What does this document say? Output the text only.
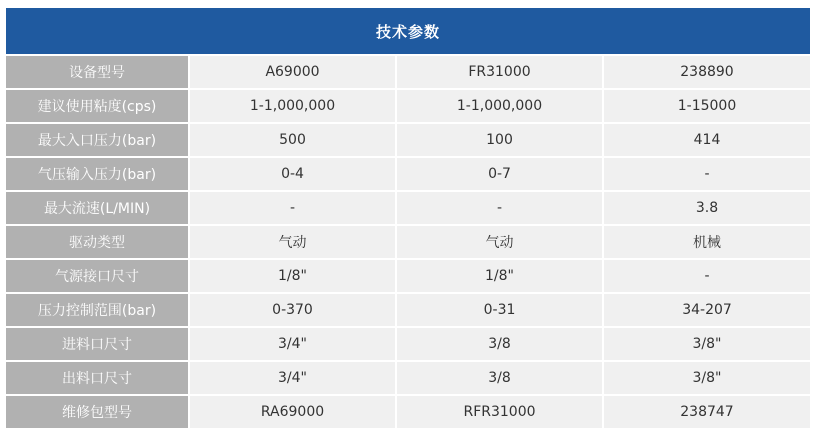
技术参数
设备型号	A69000	FR31000	238890
建议使用粘度(cps)	1-1,000,000	1-1,000,000	1-15000
最大入口压力(bar)	500	100	414
气压输入压力(bar)	0-4	0-7	-
最大流速(L/MIN)	-	-	3.8
驱动类型	气动	气动	机械
气源接口尺寸	1/8"	1/8"	-
压力控制范围(bar)	0-370	0-31	34-207
进料口尺寸	3/4"	3/8	3/8"
出料口尺寸	3/4"	3/8	3/8"
维修包型号	RA69000	RFR31000	238747
